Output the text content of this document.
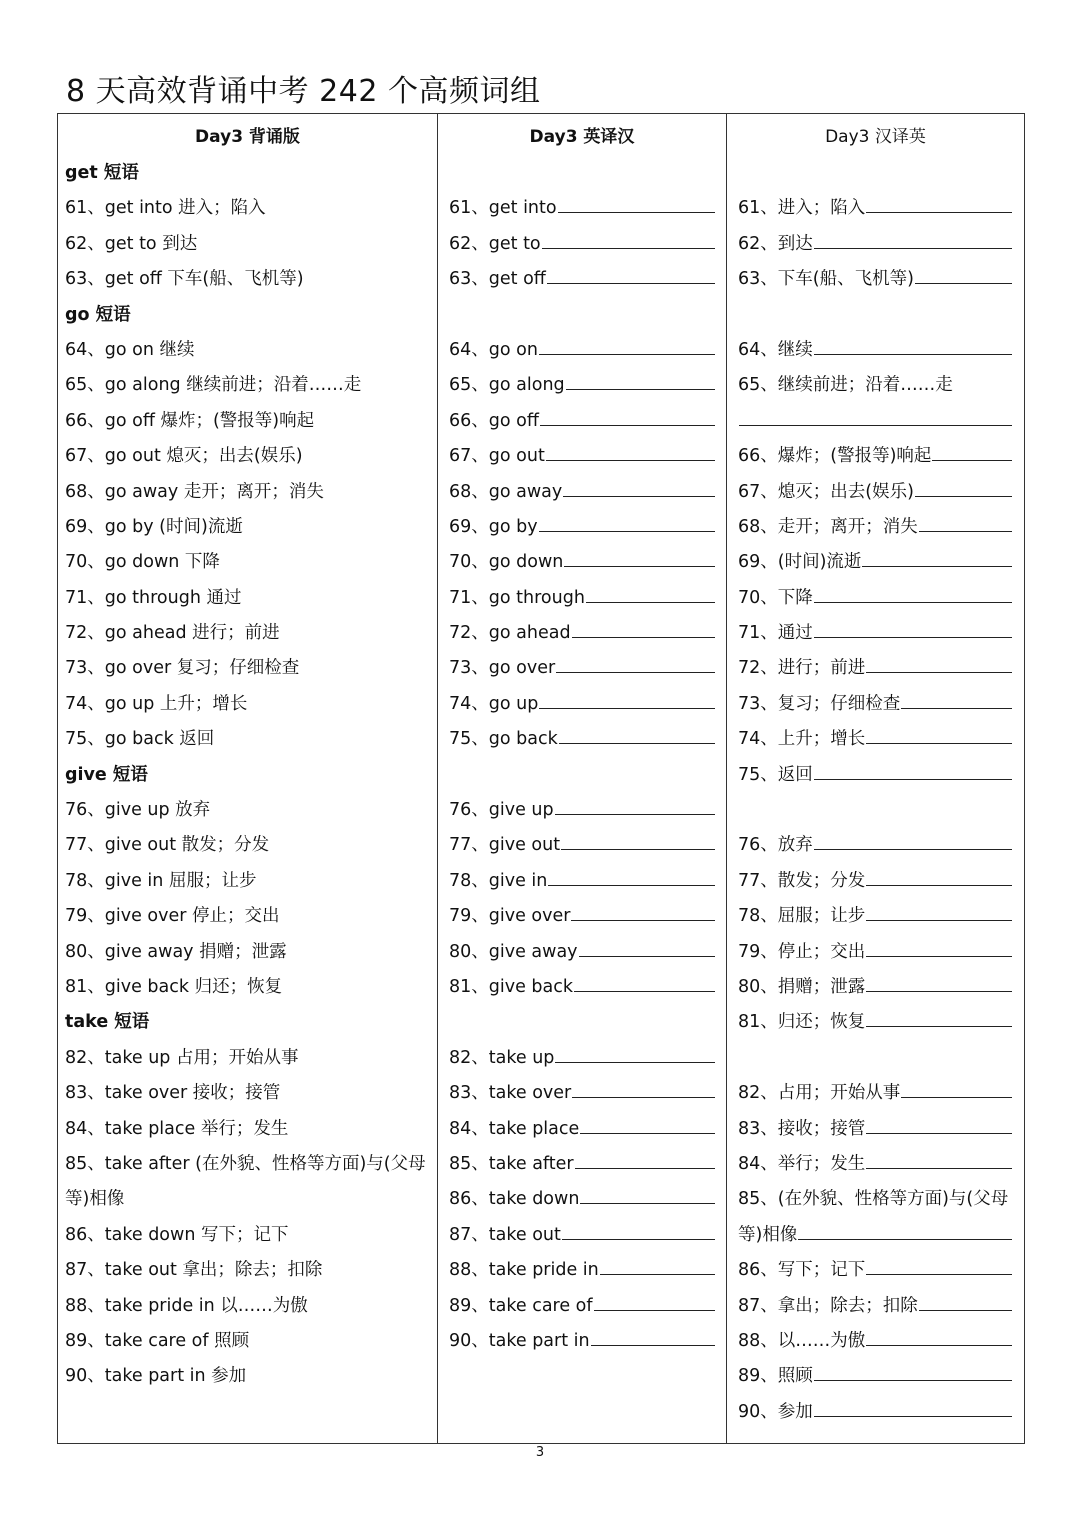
8 天高效背诵中考 242 个高频词组
Day3 背诵版
get 短语
61、get into 进入；陷入
62、get to 到达
63、get off 下车(船、飞机等)
go 短语
64、go on 继续
65、go along 继续前进；沿着……走
66、go off 爆炸；(警报等)响起
67、go out 熄灭；出去(娱乐)
68、go away 走开；离开；消失
69、go by (时间)流逝
70、go down 下降
71、go through 通过
72、go ahead 进行；前进
73、go over 复习；仔细检查
74、go up 上升；增长
75、go back 返回
give 短语
76、give up 放弃
77、give out 散发；分发
78、give in 屈服；让步
79、give over 停止；交出
80、give away 捐赠；泄露
81、give back 归还；恢复
take 短语
82、take up 占用；开始从事
83、take over 接收；接管
84、take place 举行；发生
85、take after (在外貌、性格等方面)与(父母
等)相像
86、take down 写下；记下
87、take out 拿出；除去；扣除
88、take pride in 以……为傲
89、take care of 照顾
90、take part in 参加
Day3 英译汉
61、get into
62、get to
63、get off
64、go on
65、go along
66、go off
67、go out
68、go away
69、go by
70、go down
71、go through
72、go ahead
73、go over
74、go up
75、go back
76、give up
77、give out
78、give in
79、give over
80、give away
81、give back
82、take up
83、take over
84、take place
85、take after
86、take down
87、take out
88、take pride in
89、take care of
90、take part in
Day3 汉译英
61、进入；陷入
62、到达
63、下车(船、飞机等)
64、继续
65、继续前进；沿着……走
66、爆炸；(警报等)响起
67、熄灭；出去(娱乐)
68、走开；离开；消失
69、(时间)流逝
70、下降
71、通过
72、进行；前进
73、复习；仔细检查
74、上升；增长
75、返回
76、放弃
77、散发；分发
78、屈服；让步
79、停止；交出
80、捐赠；泄露
81、归还；恢复
82、占用；开始从事
83、接收；接管
84、举行；发生
85、(在外貌、性格等方面)与(父母
等)相像
86、写下；记下
87、拿出；除去；扣除
88、以……为傲
89、照顾
90、参加
3
